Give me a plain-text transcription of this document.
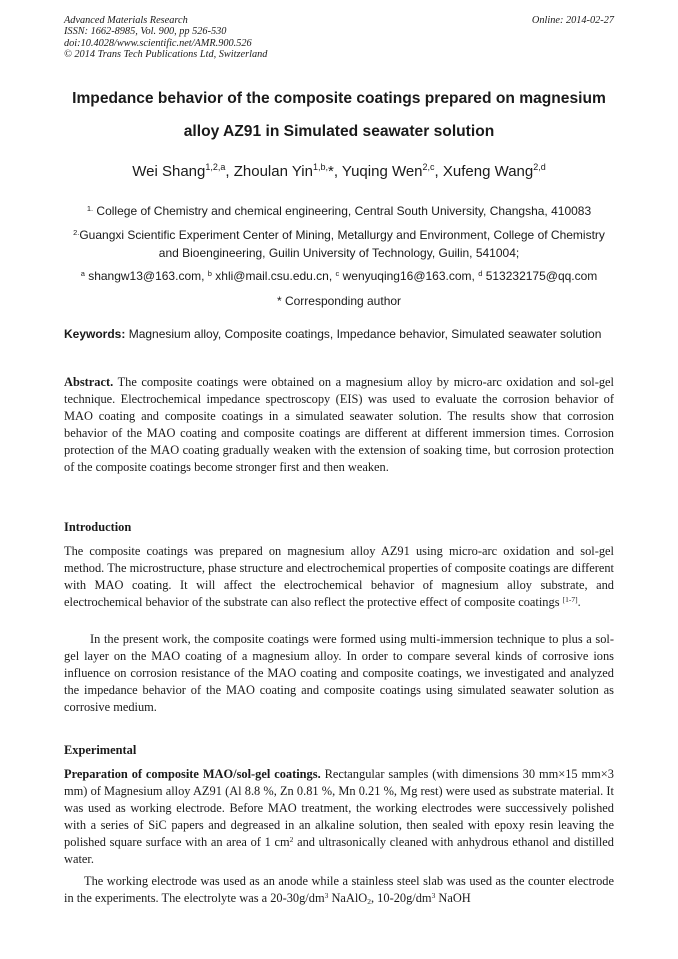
Advanced Materials Research
ISSN: 1662-8985, Vol. 900, pp 526-530
doi:10.4028/www.scientific.net/AMR.900.526
© 2014 Trans Tech Publications Ltd, Switzerland
Online: 2014-02-27
Impedance behavior of the composite coatings prepared on magnesium
alloy AZ91 in Simulated seawater solution
Wei Shang$^{1,2,a}$, Zhoulan Yin$^{1,b,}$*, Yuqing Wen$^{2,c}$, Xufeng Wang$^{2,d}$
$^{1.}$ College of Chemistry and chemical engineering, Central South University, Changsha, 410083
$^{2.}$Guangxi Scientific Experiment Center of Mining, Metallurgy and Environment, College of Chemistry and Bioengineering, Guilin University of Technology, Guilin, 541004;
$^a$ shangw13@163.com, $^b$ xhli@mail.csu.edu.cn, $^c$ wenyuqing16@163.com, $^d$ 513232175@qq.com
* Corresponding author
Keywords: Magnesium alloy, Composite coatings, Impedance behavior, Simulated seawater solution
Abstract. The composite coatings were obtained on a magnesium alloy by micro-arc oxidation and sol-gel technique. Electrochemical impedance spectroscopy (EIS) was used to evaluate the corrosion behavior of MAO coating and composite coatings in a simulated seawater solution. The results show that corrosion behavior of the MAO coating and composite coatings are different at different immersion times. Corrosion protection of the MAO coating gradually weaken with the extension of soaking time, but corrosion protection of the composite coatings become stronger first and then weaken.
Introduction
The composite coatings was prepared on magnesium alloy AZ91 using micro-arc oxidation and sol-gel method. The microstructure, phase structure and electrochemical properties of composite coatings are different with MAO coating. It will affect the electrochemical behavior of magnesium alloy substrate, and electrochemical behavior of the substrate can also reflect the protective effect of composite coatings [1-7].
In the present work, the composite coatings were formed using multi-immersion technique to plus a sol-gel layer on the MAO coating of a magnesium alloy. In order to compare several kinds of corrosive ions influence on corrosion resistance of the MAO coating and composite coatings, we investigated and analyzed the impedance behavior of the MAO coating and composite coatings using simulated seawater solution as corrosive medium.
Experimental
Preparation of composite MAO/sol-gel coatings. Rectangular samples (with dimensions 30 mm×15 mm×3 mm) of Magnesium alloy AZ91 (Al 8.8 %, Zn 0.81 %, Mn 0.21 %, Mg rest) were used as substrate material. It was used as working electrode. Before MAO treatment, the working electrodes were successively polished with a series of SiC papers and degreased in an alkaline solution, then sealed with epoxy resin leaving the polished square surface with an area of 1 $cm^2$ and ultrasonically cleaned with anhydrous ethanol and distilled water.
The working electrode was used as an anode while a stainless steel slab was used as the counter electrode in the experiments. The electrolyte was a $20-30g/dm^3$ NaAlO$_2$, $10-20g/dm^3$ NaOH
